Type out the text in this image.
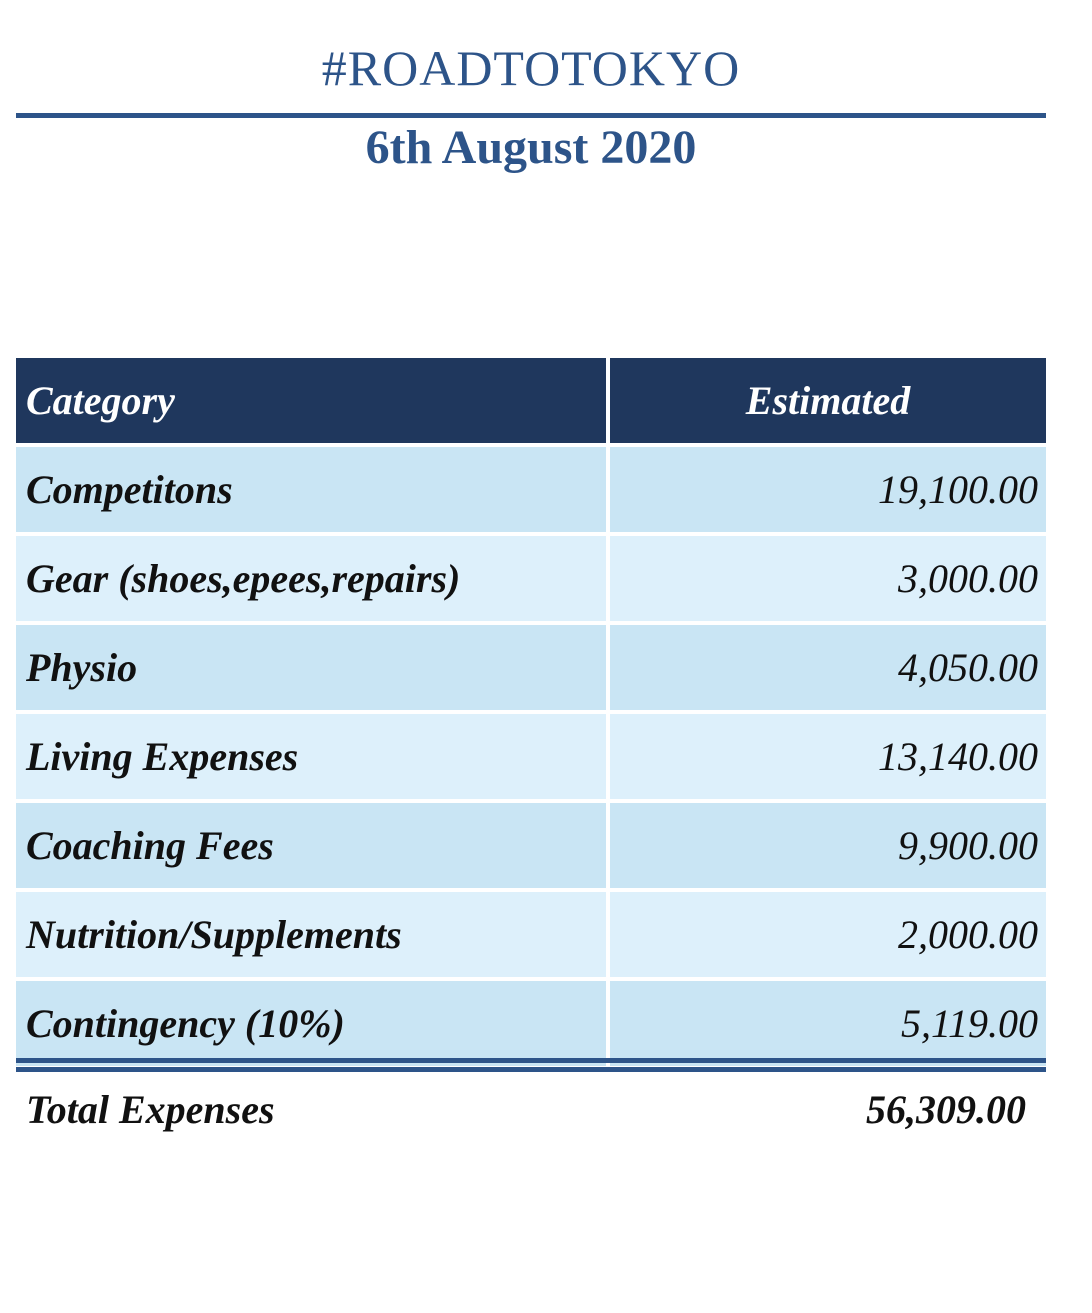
#ROADTOTOKYO
6th August 2020
Category	Estimated
Competitons	19,100.00
Gear (shoes,epees,repairs)	3,000.00
Physio	4,050.00
Living Expenses	13,140.00
Coaching Fees	9,900.00
Nutrition/Supplements	2,000.00
Contingency (10%)	5,119.00
Total Expenses	56,309.00
